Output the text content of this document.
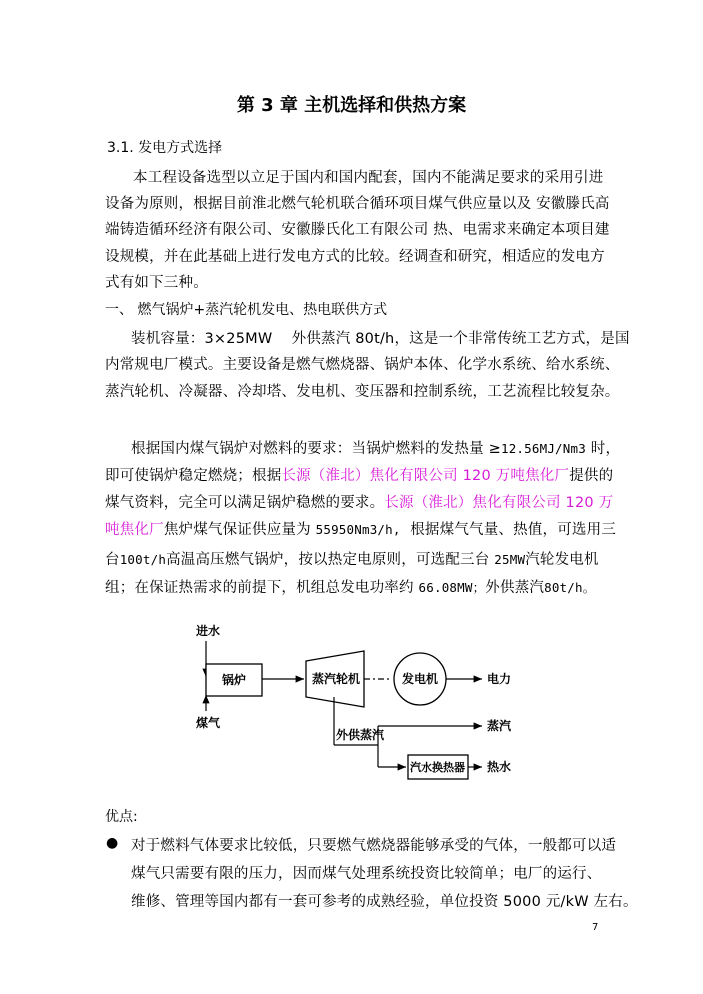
第 3 章 主机选择和供热方案
3.1. 发电方式选择
本工程设备选型以立足于国内和国内配套，国内不能满足要求的采用引进
设备为原则，根据目前淮北燃气轮机联合循环项目煤气供应量以及 安徽滕氏高
端铸造循环经济有限公司、安徽滕氏化工有限公司 热、电需求来确定本项目建
设规模，并在此基础上进行发电方式的比较。经调查和研究，相适应的发电方
式有如下三种。
一、 燃气锅炉+蒸汽轮机发电、热电联供方式
装机容量：3×25MW 外供蒸汽 80t/h，这是一个非常传统工艺方式，是国
内常规电厂模式。主要设备是燃气燃烧器、锅炉本体、化学水系统、给水系统、
蒸汽轮机、冷凝器、冷却塔、发电机、变压器和控制系统，工艺流程比较复杂。
根据国内煤气锅炉对燃料的要求：当锅炉燃料的发热量 ≥12.56MJ/Nm3 时，
即可使锅炉稳定燃烧；根据长源（淮北）焦化有限公司 120 万吨焦化厂提供的
煤气资料，完全可以满足锅炉稳燃的要求。长源（淮北）焦化有限公司 120 万
吨焦化厂焦炉煤气保证供应量为 55950Nm3/h, 根据煤气气量、热值，可选用三
台100t/h高温高压燃气锅炉，按以热定电原则，可选配三台 25MW汽轮发电机
组；在保证热需求的前提下，机组总发电功率约 66.08MW；外供蒸汽80t/h。
进水
煤气
锅炉	蒸汽轮机	发电机	电力
外供蒸汽
蒸汽
汽水换热器 热水
优点:
● 对于燃料气体要求比较低，只要燃气燃烧器能够承受的气体，一般都可以适
煤气只需要有限的压力，因而煤气处理系统投资比较简单；电厂的运行、
维修、管理等国内都有一套可参考的成熟经验，单位投资 5000 元/kW 左右。
7
